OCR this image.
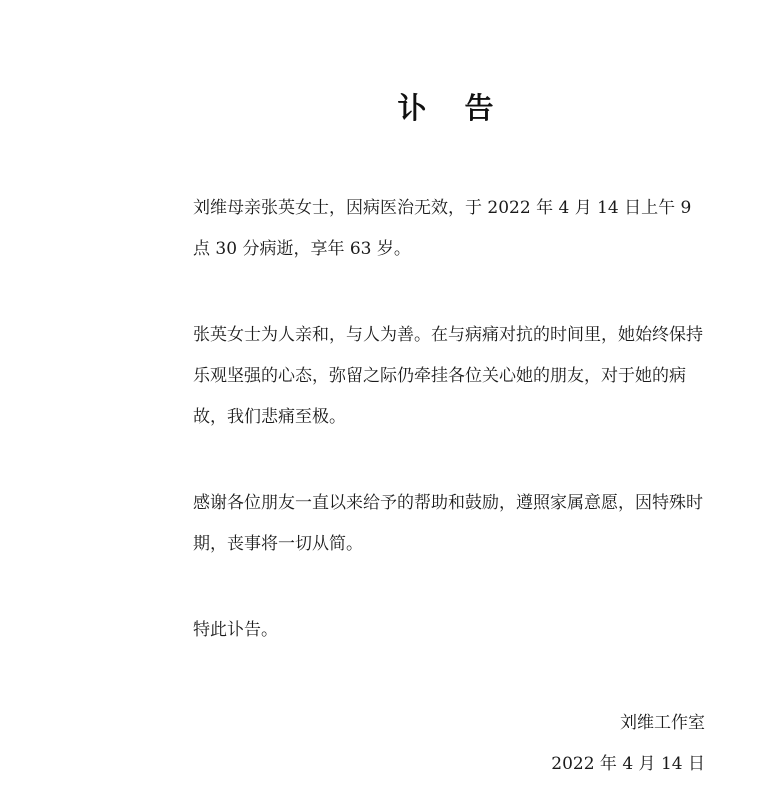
讣 告

刘维母亲张英女士，因病医治无效，于 2022 年 4 月 14 日上午 9 点 30 分病逝，享年 63 岁。

张英女士为人亲和，与人为善。在与病痛对抗的时间里，她始终保持乐观坚强的心态，弥留之际仍牵挂各位关心她的朋友，对于她的病故，我们悲痛至极。

感谢各位朋友一直以来给予的帮助和鼓励，遵照家属意愿，因特殊时期，丧事将一切从简。

特此讣告。

刘维工作室
2022 年 4 月 14 日
